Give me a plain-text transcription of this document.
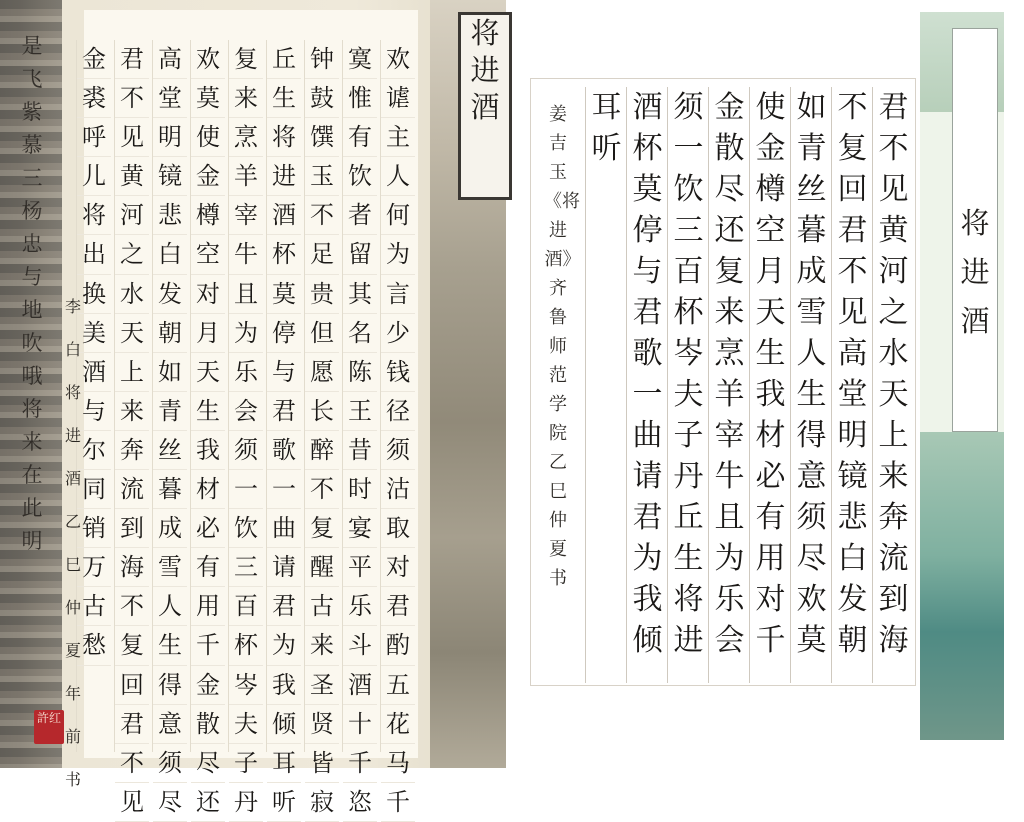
是飞紫慕三
杨忠
与地吹哦
将
来
在
此
明
欢
谑
主
人
何
为
言
少
钱
径
须
沽
取
对
君
酌
五
花
马
千
寞
惟
有
饮
者
留
其
名
陈
王
昔
时
宴
平
乐
斗
酒
十
千
恣
钟
鼓
馔
玉
不
足
贵
但
愿
长
醉
不
复
醒
古
来
圣
贤
皆
寂
丘
生
将
进
酒
杯
莫
停
与
君
歌
一
曲
请
君
为
我
倾
耳
听
复
来
烹
羊
宰
牛
且
为
乐
会
须
一
饮
三
百
杯
岑
夫
子
丹
欢
莫
使
金
樽
空
对
月
天
生
我
材
必
有
用
千
金
散
尽
还
高
堂
明
镜
悲
白
发
朝
如
青
丝
暮
成
雪
人
生
得
意
须
尽
君
不
见
黄
河
之
水
天
上
来
奔
流
到
海
不
复
回
君
不
见
金
裘
呼
儿
将
出
换
美
酒
与
尔
同
销
万
古
愁
李白将进酒乙巳仲夏年前书
許红
将
进
酒	君
不
见
黄
河
之
水
天
上
来
奔
流
到
海
不
复
回
君
不
见
高
堂
明
镜
悲
白
发
朝
如
青
丝
暮
成
雪
人
生
得
意
须
尽
欢
莫
使
金
樽
空
月
天
生
我
材
必
有
用
对
千
金
散
尽
还
复
来
烹
羊
宰
牛
且
为
乐
会
须
一
饮
三
百
杯
岑
夫
子
丹
丘
生
将
进
酒
杯
莫
停
与
君
歌
一
曲
请
君
为
我
倾
耳
听
姜吉玉《将进酒》齐鲁师范学院乙巳仲夏书
将
进
酒
